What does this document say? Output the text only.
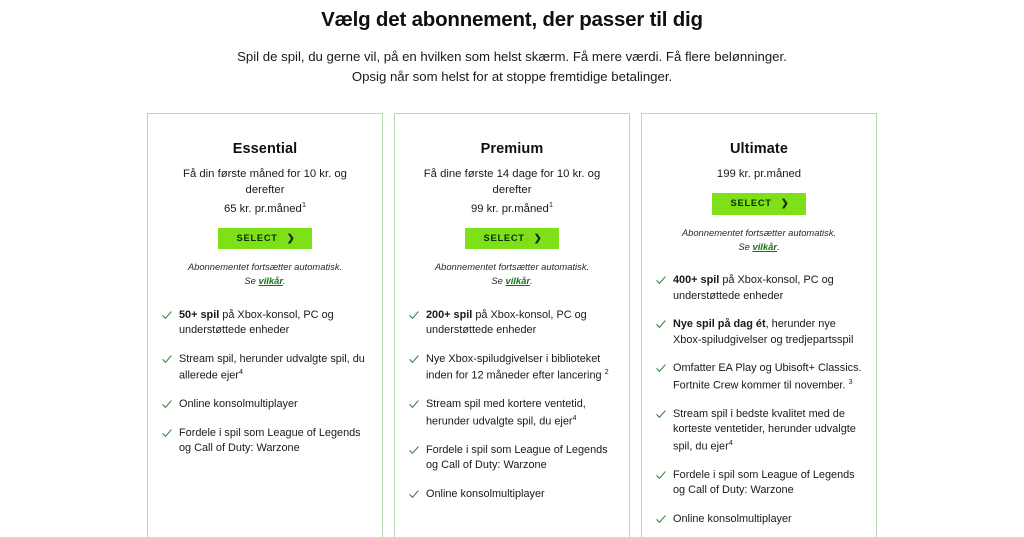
Vælg det abonnement, der passer til dig

Spil de spil, du gerne vil, på en hvilken som helst skærm. Få mere værdi. Få flere belønninger.
Opsig når som helst for at stoppe fremtidige betalinger.

Essential
Få din første måned for 10 kr. og derefter
65 kr. pr.måned$^1$
SELECT ❯

Abonnementet fortsætter automatisk.
Se vilkår.

50+ spil på Xbox-konsol, PC og understøttede enheder
Stream spil, herunder udvalgte spil, du allerede ejer$^4$
Online konsolmultiplayer
Fordele i spil som League of Legends og Call of Duty: Warzone
Premium
Få dine første 14 dage for 10 kr. og derefter
99 kr. pr.måned$^1$
SELECT ❯

Abonnementet fortsætter automatisk.
Se vilkår.

200+ spil på Xbox-konsol, PC og understøttede enheder
Nye Xbox-spiludgivelser i biblioteket inden for 12 måneder efter lancering $^2$
Stream spil med kortere ventetid, herunder udvalgte spil, du ejer$^4$
Fordele i spil som League of Legends og Call of Duty: Warzone
Online konsolmultiplayer
Ultimate
199 kr. pr.måned
SELECT ❯

Abonnementet fortsætter automatisk.
Se vilkår.

400+ spil på Xbox-konsol, PC og understøttede enheder
Nye spil på dag ét, herunder nye Xbox-spiludgivelser og tredjepartsspil
Omfatter EA Play og Ubisoft+ Classics. Fortnite Crew kommer til november. $^3$
Stream spil i bedste kvalitet med de korteste ventetider, herunder udvalgte spil, du ejer$^4$
Fordele i spil som League of Legends og Call of Duty: Warzone
Online konsolmultiplayer
